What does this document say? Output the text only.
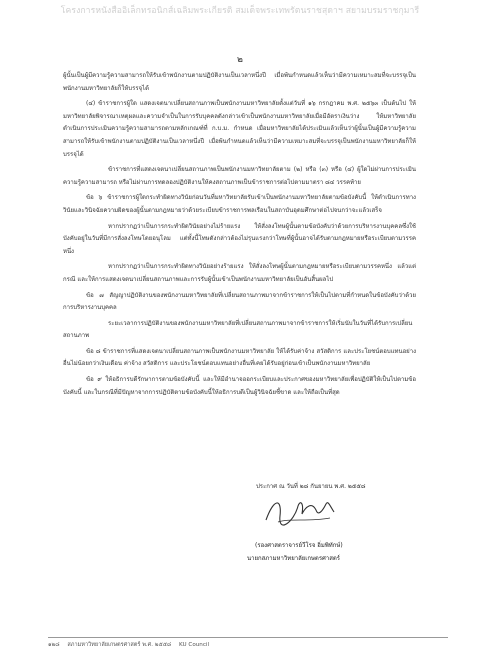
โครงการหนังสืออิเล็กทรอนิกส์เฉลิมพระเกียรติ สมเด็จพระเทพรัตนราชสุดาฯ สยามบรมราชกุมารี
๒

ผู้นั้นเป็นผู้มีความรู้ความสามารถให้รับเข้าพนักงานตามปฏิบัติงานเป็นเวลาหนึ่งปี เมื่อพ้นกำหนดแล้วเห็นว่ามีความเหมาะสมที่จะบรรจุเป็นพนักงานมหาวิทยาลัยก็ให้บรรจุได้

(๔) ข้าราชการผู้ใด แสดงเจตนาเปลี่ยนสถานภาพเป็นพนักงานมหาวิทยาลัยตั้งแต่วันที่ ๑๖ กรกฎาคม พ.ศ. ๒๕๖๓ เป็นต้นไป ให้มหาวิทยาลัยพิจารณาเหตุผลและความจำเป็นในการรับบุคคลดังกล่าวเข้าเป็นพนักงานมหาวิทยาลัยเมื่อมีอัตราเงินว่าง ให้มหาวิทยาลัยดำเนินการประเมินความรู้ความสามารถตามหลักเกณฑ์ที่ ก.บ.ม. กำหนด เมื่อมหาวิทยาลัยได้ประเมินแล้วเห็นว่าผู้นั้นเป็นผู้มีความรู้ความสามารถให้รับเข้าพนักงานตามปฏิบัติงานเป็นเวลาหนึ่งปี เมื่อพ้นกำหนดแล้วเห็นว่ามีความเหมาะสมที่จะบรรจุเป็นพนักงานมหาวิทยาลัยก็ให้บรรจุได้

ข้าราชการที่แสดงเจตนาเปลี่ยนสถานภาพเป็นพนักงานมหาวิทยาลัยตาม (๒) หรือ (๓) หรือ (๔) ผู้ใดไม่ผ่านการประเมินความรู้ความสามารถ หรือไม่ผ่านการทดลองปฏิบัติงานให้คงสถานภาพเป็นข้าราชการต่อไปตามมาตรา ๘๔ วรรคท้าย

ข้อ ๖ ข้าราชการผู้ใดกระทำผิดทางวินัยก่อนวันที่มหาวิทยาลัยรับเข้าเป็นพนักงานมหาวิทยาลัยตามข้อบังคับนี้ ให้ดำเนินการทางวินัยและวินิจฉัยความผิดของผู้นั้นตามกฎหมายว่าด้วยระเบียบข้าราชการพลเรือนในสถาบันอุดมศึกษาต่อไปจนกว่าจะแล้วเสร็จ

หากปรากฏว่าเป็นการกระทำผิดวินัยอย่างไม่ร้ายแรง ให้สั่งลงโทษผู้นั้นตามข้อบังคับว่าด้วยการบริหารงานบุคคลซึ่งใช้บังคับอยู่ในวันที่มีการสั่งลงโทษโดยอนุโลม แต่ทั้งนี้โทษดังกล่าวต้องไม่รุนแรงกว่าโทษที่ผู้นั้นอาจได้รับตามกฎหมายหรือระเบียบตามวรรคหนึ่ง

หากปรากฏว่าเป็นการกระทำผิดทางวินัยอย่างร้ายแรง ให้สั่งลงโทษผู้นั้นตามกฎหมายหรือระเบียบตามวรรคหนึ่ง แล้วแต่กรณี และให้การแสดงเจตนาเปลี่ยนสถานภาพและการรับผู้นั้นเข้าเป็นพนักงานมหาวิทยาลัยเป็นอันสิ้นผลไป

ข้อ ๗ สัญญาปฏิบัติงานของพนักงานมหาวิทยาลัยที่เปลี่ยนสถานภาพมาจากข้าราชการให้เป็นไปตามที่กำหนดในข้อบังคับว่าด้วยการบริหารงานบุคคล

ระยะเวลาการปฏิบัติงานของพนักงานมหาวิทยาลัยที่เปลี่ยนสถานภาพมาจากข้าราชการให้เริ่มนับในวันที่ได้รับการเปลี่ยนสถานภาพ

ข้อ ๘ ข้าราชการที่แสดงเจตนาเปลี่ยนสถานภาพเป็นพนักงานมหาวิทยาลัย ให้ได้รับค่าจ้าง สวัสดิการ และประโยชน์ตอบแทนอย่างอื่นไม่น้อยกว่าเงินเดือน ค่าจ้าง สวัสดิการ และประโยชน์ตอบแทนอย่างอื่นที่เคยได้รับอยู่ก่อนเข้าเป็นพนักงานมหาวิทยาลัย

ข้อ ๙ ให้อธิการบดีรักษาการตามข้อบังคับนี้ และให้มีอำนาจออกระเบียบและประกาศของมหาวิทยาลัยเพื่อปฏิบัติให้เป็นไปตามข้อบังคับนี้ และในกรณีที่มีปัญหาจากการปฏิบัติตามข้อบังคับนี้ให้อธิการบดีเป็นผู้วินิจฉัยชี้ขาด และให้ถือเป็นที่สุด

ประกาศ ณ วันที่ ๒๘ กันยายน พ.ศ. ๒๕๕๘
(รองศาสตราจารย์วีโรจ อิ่มพิทักษ์)
นายกสภามหาวิทยาลัยเกษตรศาสตร์
๑๒๘ สภามหาวิทยาลัยเกษตรศาสตร์ พ.ศ. ๒๕๕๘ KU Council
